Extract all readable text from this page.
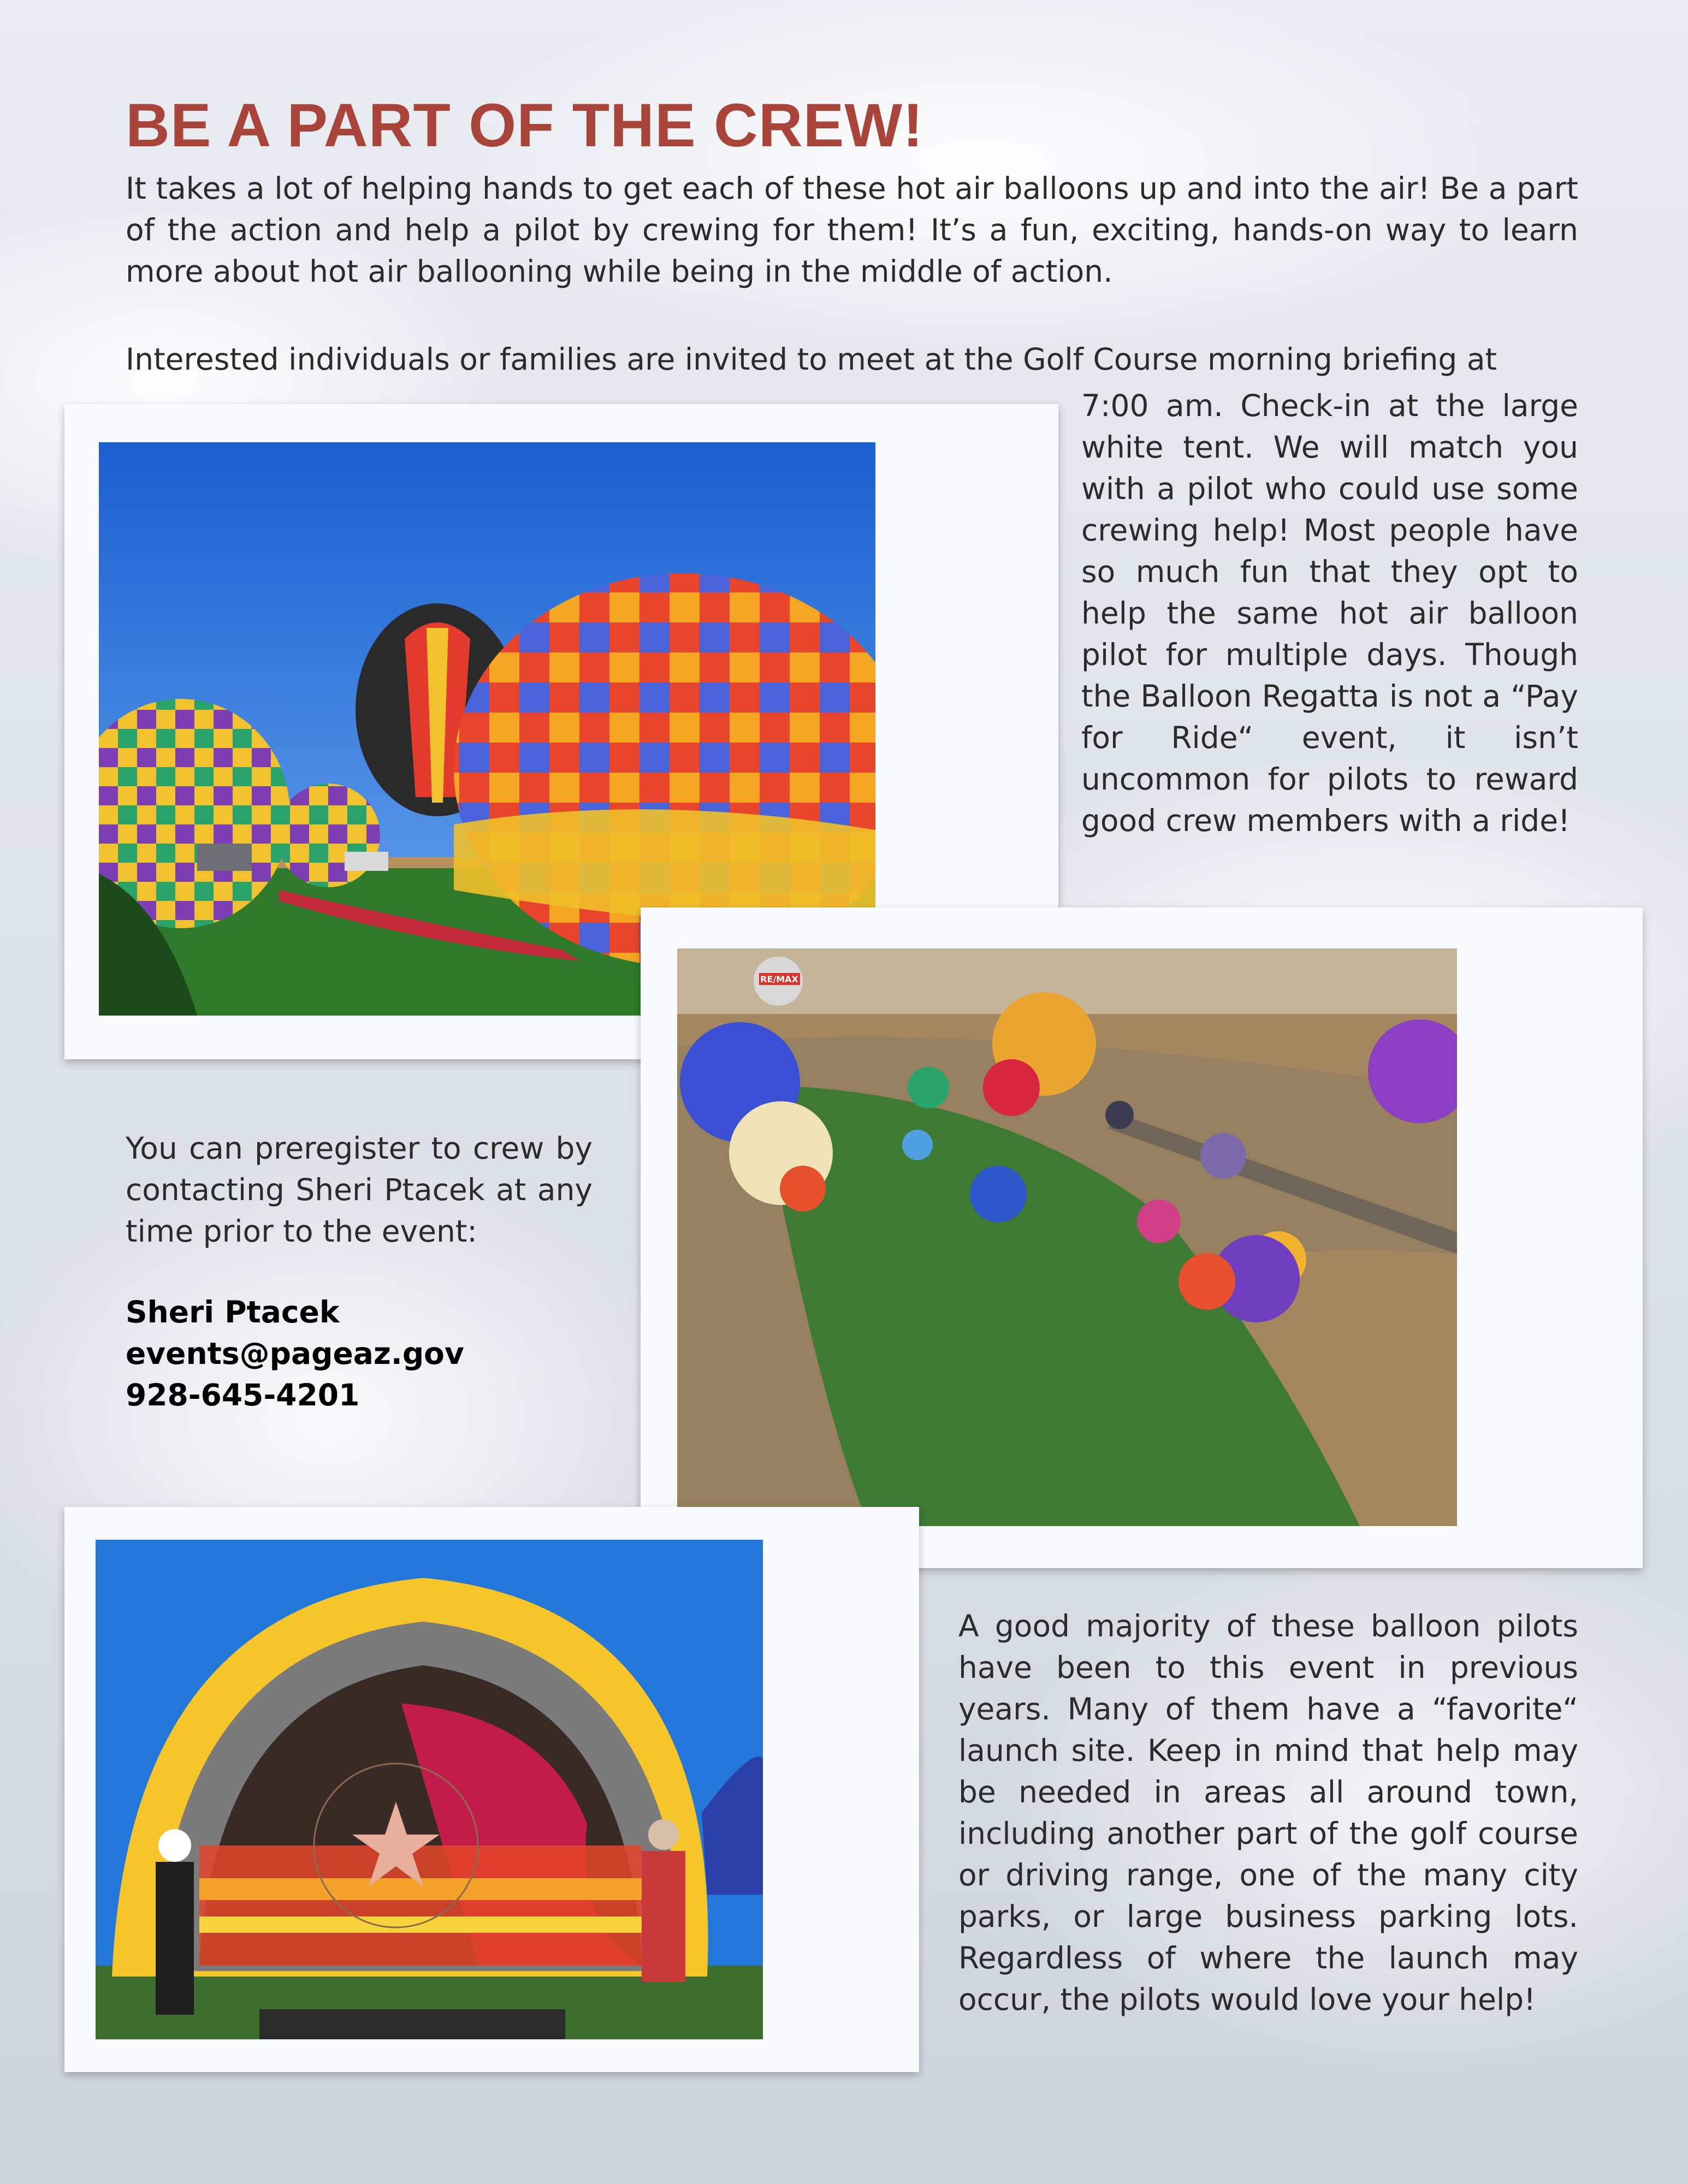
BE A PART OF THE CREW!

It takes a lot of helping hands to get each of these hot air balloons up and into the air! Be a part of the action and help a pilot by crewing for them! It’s a fun, exciting, hands-on way to learn more about hot air ballooning while being in the middle of action.

Interested individuals or families are invited to meet at the Golf Course morning briefing at

7:00 am. Check-in at the large white tent. We will match you with a pilot who could use some crewing help! Most people have so much fun that they opt to help the same hot air balloon pilot for multiple days. Though the Balloon Regatta is not a “Pay for Ride“ event, it isn’t uncommon for pilots to reward good crew members with a ride!

RE/MAX

You can preregister to crew by contacting Sheri Ptacek at any time prior to the event:

Sheri Ptacek
events@pageaz.gov
928-645-4201

A good majority of these balloon pilots have been to this event in previous years. Many of them have a “favorite“ launch site. Keep in mind that help may be needed in areas all around town, including another part of the golf course or driving range, one of the many city parks, or large business parking lots. Regardless of where the launch may occur, the pilots would love your help!
